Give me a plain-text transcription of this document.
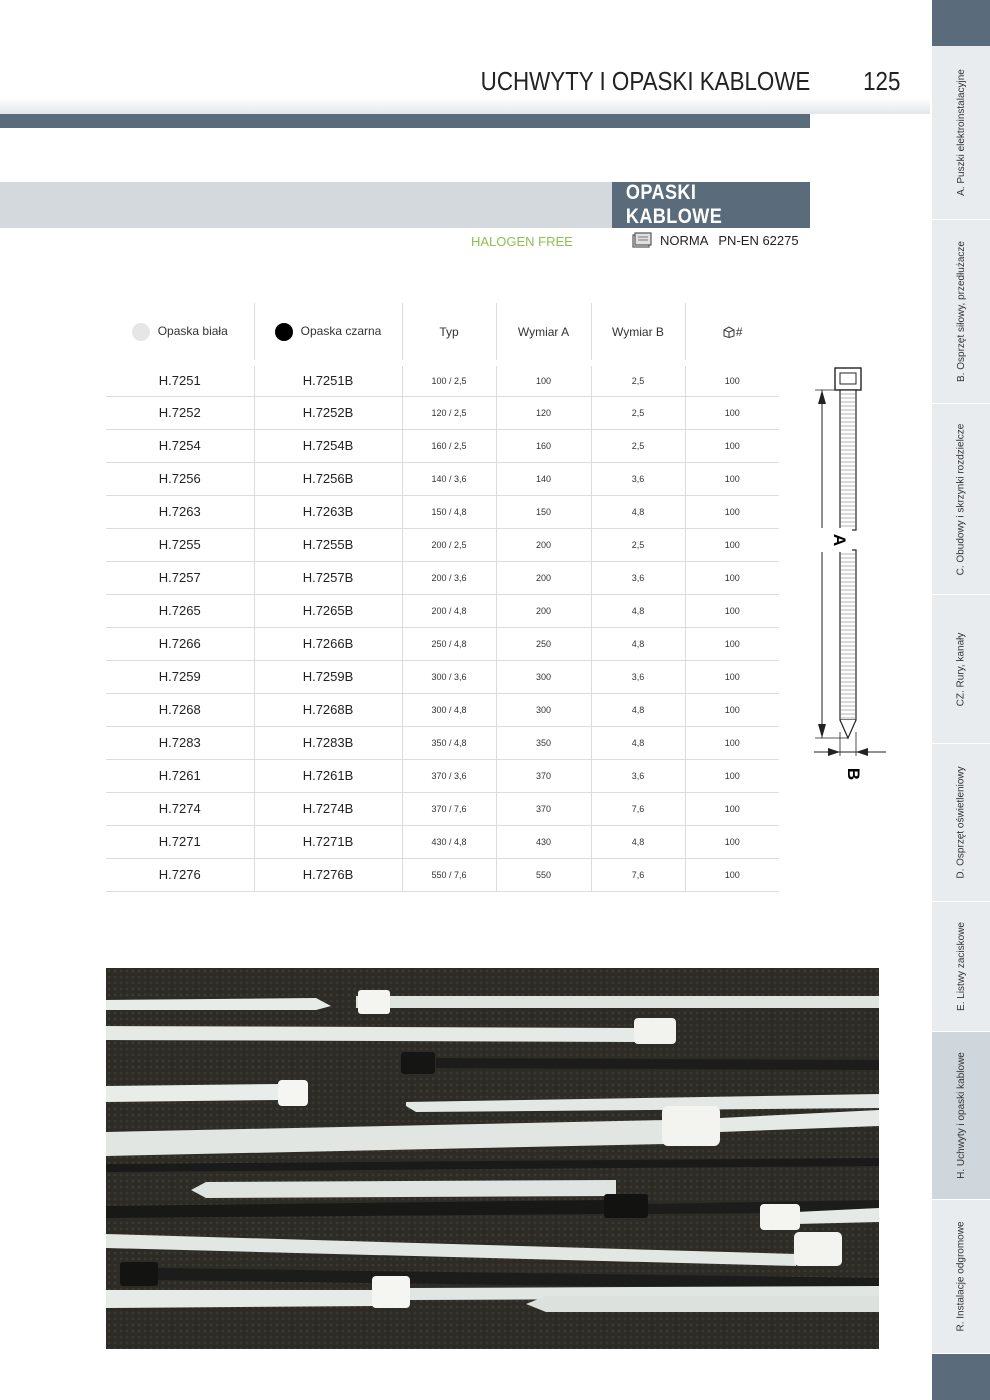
UCHWYTY I OPASKI KABLOWE 125
OPASKI KABLOWE
HALOGEN FREE	NORMA PN-EN 62275
Opaska biała	Opaska czarna	Typ	Wymiar A	Wymiar B	#
H.7251	H.7251B	100 / 2,5	100	2,5	100
H.7252	H.7252B	120 / 2,5	120	2,5	100
H.7254	H.7254B	160 / 2,5	160	2,5	100
H.7256	H.7256B	140 / 3,6	140	3,6	100
H.7263	H.7263B	150 / 4,8	150	4,8	100
H.7255	H.7255B	200 / 2,5	200	2,5	100
H.7257	H.7257B	200 / 3,6	200	3,6	100
H.7265	H.7265B	200 / 4,8	200	4,8	100
H.7266	H.7266B	250 / 4,8	250	4,8	100
H.7259	H.7259B	300 / 3,6	300	3,6	100
H.7268	H.7268B	300 / 4,8	300	4,8	100
H.7283	H.7283B	350 / 4,8	350	4,8	100
H.7261	H.7261B	370 / 3,6	370	3,6	100
H.7274	H.7274B	370 / 7,6	370	7,6	100
H.7271	H.7271B	430 / 4,8	430	4,8	100
H.7276	H.7276B	550 / 7,6	550	7,6	100
A
B
A. Puszki elektroinstalacyjne
B. Osprzęt siłowy, przedłużacze
C. Obudowy i skrzynki rozdzielcze
CZ. Rury, kanały
D. Osprzęt oświetleniowy
E. Listwy zaciskowe
H. Uchwyty i opaski kablowe
R. Instalacje odgromowe
